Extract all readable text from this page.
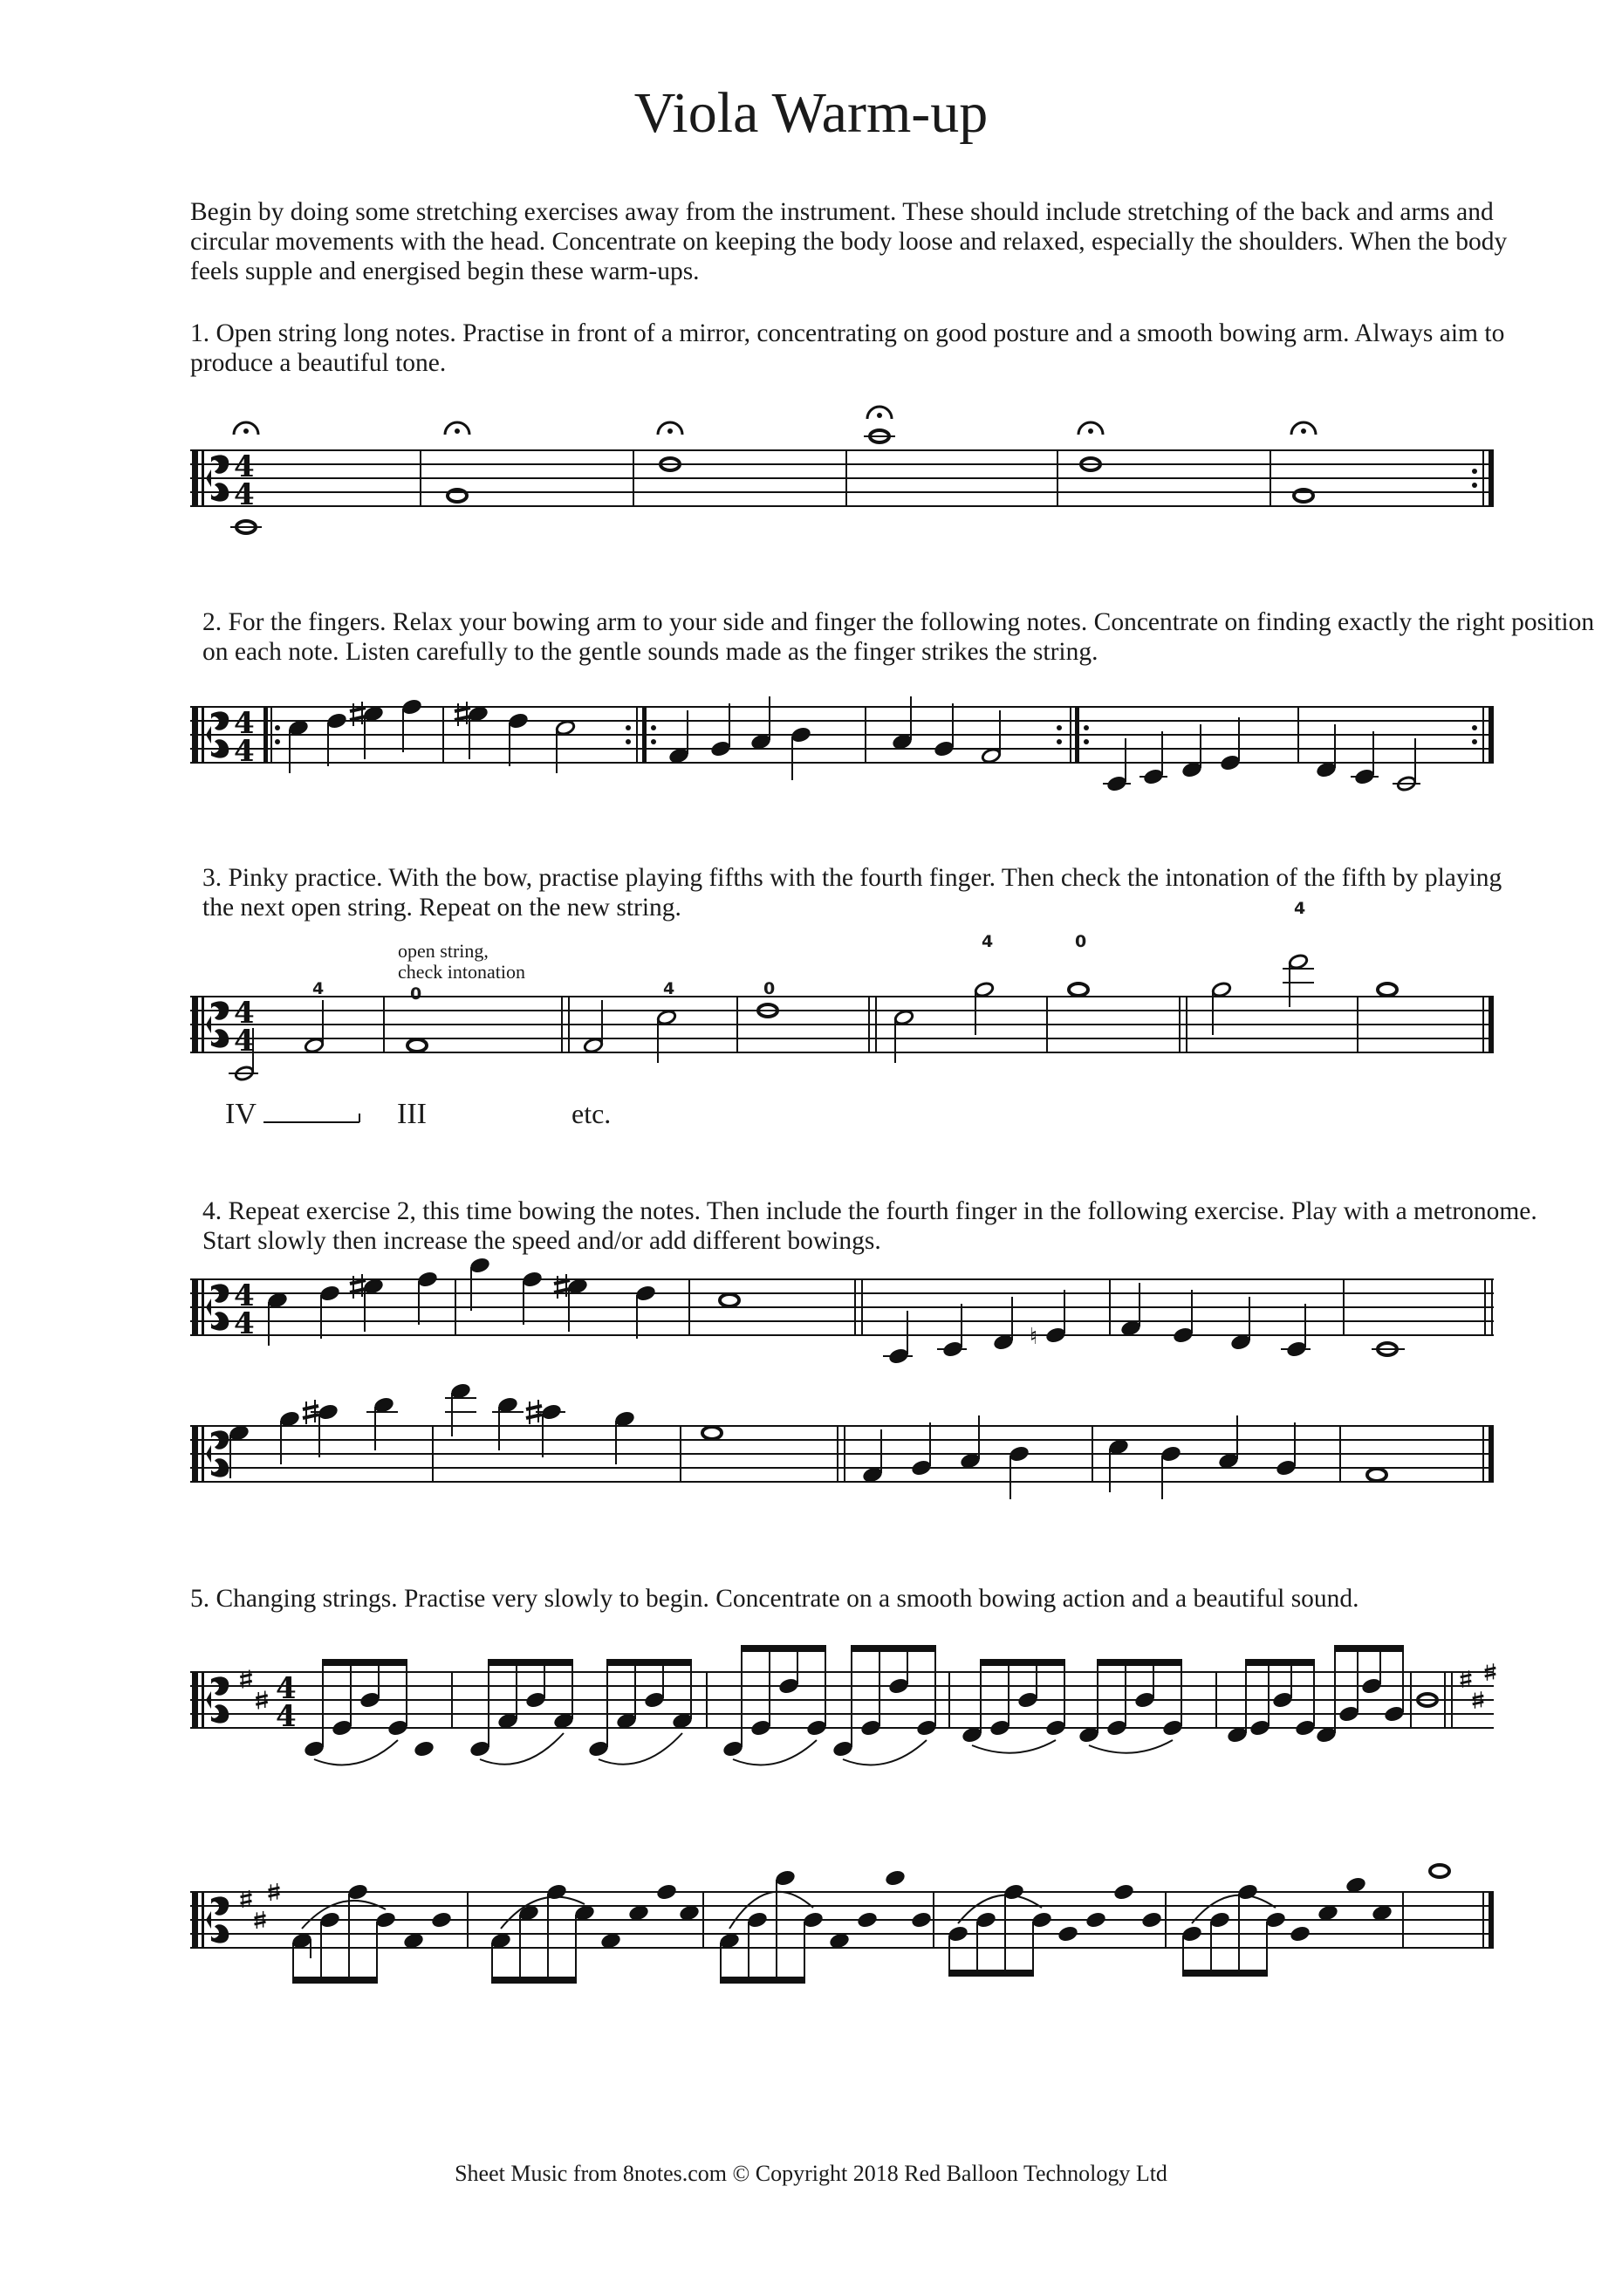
Viola Warm-up

Begin by doing some stretching exercises away from the instrument. These should include stretching of the back and arms and circular movements with the head. Concentrate on keeping the body loose and relaxed, especially the shoulders. When the body feels supple and energised begin these warm-ups.

1. Open string long notes. Practise in front of a mirror, concentrating on good posture and a smooth bowing arm. Always aim to produce a beautiful tone.

2. For the fingers. Relax your bowing arm to your side and finger the following notes. Concentrate on finding exactly the right position on each note. Listen carefully to the gentle sounds made as the finger strikes the string.

3. Pinky practice. With the bow, practise playing fifths with the fourth finger. Then check the intonation of the fifth by playing the next open string. Repeat on the new string.

4. Repeat exercise 2, this time bowing the notes. Then include the fourth finger in the following exercise. Play with a metronome. Start slowly then increase the speed and/or add different bowings.

5. Changing strings. Practise very slowly to begin. Concentrate on a smooth bowing action and a beautiful sound.

open string,
check intonation
4	0	4	0
4	0
4
IV	III	etc.
4
4
4
4
4
4
4
4	♮
4
4
Sheet Music from 8notes.com © Copyright 2018 Red Balloon Technology Ltd
